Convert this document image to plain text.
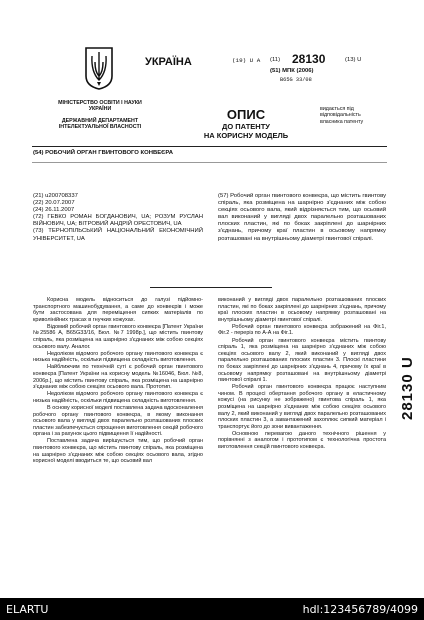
УКРАЇНА
МІНІСТЕРСТВО ОСВІТИ І НАУКИ УКРАЇНИ
ДЕРЖАВНИЙ ДЕПАРТАМЕНТ ІНТЕЛЕКТУАЛЬНОЇ ВЛАСНОСТІ
(19) U A (11) 28130	(13) U
(51) МПК (2006)
B65G 33/08
ОПИС
ДО ПАТЕНТУ
НА КОРИСНУ МОДЕЛЬ
видається під відповідальність власника патенту
(54) РОБОЧИЙ ОРГАН ГВИНТОВОГО КОНВЕЄРА
(21) u200708337
(22) 20.07.2007
(24) 26.11.2007
(72) ГЕВКО РОМАН БОГДАНОВИЧ, UA; РОЗУМ РУСЛАН ВІЙНОВИЧ, UA; ВІТРОВИЙ АНДРІЙ ОРЕСТОВИЧ, UA
(73) ТЕРНОПІЛЬСЬКИЙ НАЦІОНАЛЬНИЙ ЕКОНОМІЧНИЙ УНІВЕРСИТЕТ, UA
(57) Робочий орган гвинтового конвеєра, що містить гвинтову спіраль, яка розміщена на шарнірно з'єднаних між собою секціях осьового вала, який відрізняється тим, що осьовий вал виконаний у вигляді двох паралельно розташованих плоских пластин, які по боках закріплені до шарнірних з'єднань, причому краї пластин в осьовому напрямку розташовані на внутрішньому діаметрі гвинтової спіралі.

Корисна модель відноситься до галузі підйомно-транспортного машинобудування, а саме до конвеєрів і може бути застосована для переміщення сипких матеріалів по криволінійних трасах в гнучких кожухах.

Відомий робочий орган гвинтового конвеєра [Патент України №25586 А, B65G33/16, Бюл. №7 1998р.], що містить гвинтову спіраль, яка розміщена на шарнірно з'єднаних між собою секціях осьового валу. Аналог.

Недоліком відомого робочого органу гвинтового конвеєра є низька надійність, оскільки підвищена складність виготовлення.

Найближчим по технічній суті є робочий орган гвинтового конвеєра [Патент України на корисну модель №16046, Бюл. №8, 2006р.], що містить гвинтову спіраль, яка розміщена на шарнірно з'єднаних між собою секціях осьового вала. Прототип.

Недоліком відомого робочого органу гвинтового конвеєра є низька надійність, оскільки підвищена складність виготовлення.

В основу корисної моделі поставлена задача вдосконалення робочого органу гвинтового конвеєра, в якому виконання осьового вала у вигляді двох паралельно розташованих плоских пластин забезпечується спрощення виготовлення секцій робочого органа і за рахунок цього підвищення її надійності.

Поставлена задача вирішується тим, що робочий орган гвинтового конвеєра, що містить гвинтову спіраль, яка розміщена на шарнірно з'єднаних між собою секціях осьового вала, згідно корисної моделі вводиться те, що осьовий вал

виконаний у вигляді двох паралельно розташованих плоских пластин, які по боках закріплені до шарнірних з'єднань, причому краї плоских пластин в осьовому напрямку розташовані на внутрішньому діаметрі гвинтової спіралі.

Робочий орган гвинтового конвеєра зображений на Фіг.1, Фіг.2 - переріз по А-А на Фіг.1.

Робочий орган гвинтового конвеєра містить гвинтову спіраль 1, яка розміщена на шарнірно з'єднаних між собою секціях осьового валу 2, який виконаний у вигляді двох паралельно розташованих плоских пластин 3. Плоскі пластини по боках закріплені до шарнірних з'єднань 4, причому їх краї в осьовому напрямку розташовані на внутрішньому діаметрі гвинтової спіралі 1.

Робочий орган гвинтового конвеєра працює наступним чином. В процесі обертання робочого органу в еластичному кожусі (на рисунку не зображено) гвинтова спіраль 1, яка розміщена на шарнірно з'єднаних між собою секціях осьового валу 2, який виконаний у вигляді двох паралельно розташованих плоских пластин 3, а завантажений захоплює сипкий матеріал і транспортує його до зони вивантаження.

Основною перевагою даного технічного рішення у порівнянні з аналогом і прототипом є технологічна простота виготовлення секцій гвинтового конвеєра.

28130
U
ELARTU	hdl:123456789/4099
